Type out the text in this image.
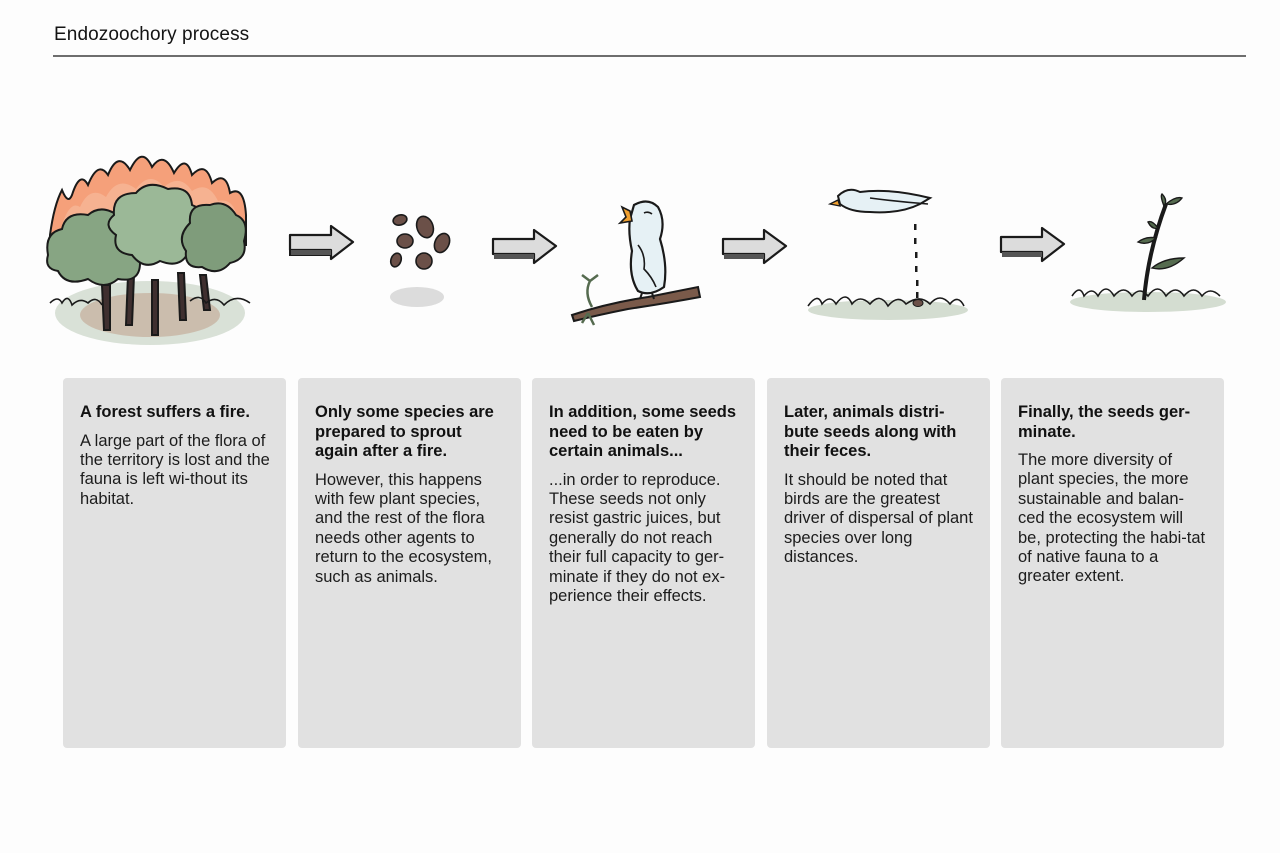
Endozoochory process
A forest suffers a fire.

A large part of the flora of the territory is lost and the fauna is left wi-thout its habitat.

Only some species are prepared to sprout again after a fire.

However, this happens with few plant species, and the rest of the flora needs other agents to return to the ecosystem, such as animals.

In addition, some seeds need to be eaten by certain animals...

...in order to reproduce. These seeds not only resist gastric juices, but generally do not reach their full capacity to ger-minate if they do not ex-perience their effects.

Later, animals distri-bute seeds along with their feces.

It should be noted that birds are the greatest driver of dispersal of plant species over long distances.

Finally, the seeds ger-minate.

The more diversity of plant species, the more sustainable and balan-ced the ecosystem will be, protecting the habi-tat of native fauna to a greater extent.
